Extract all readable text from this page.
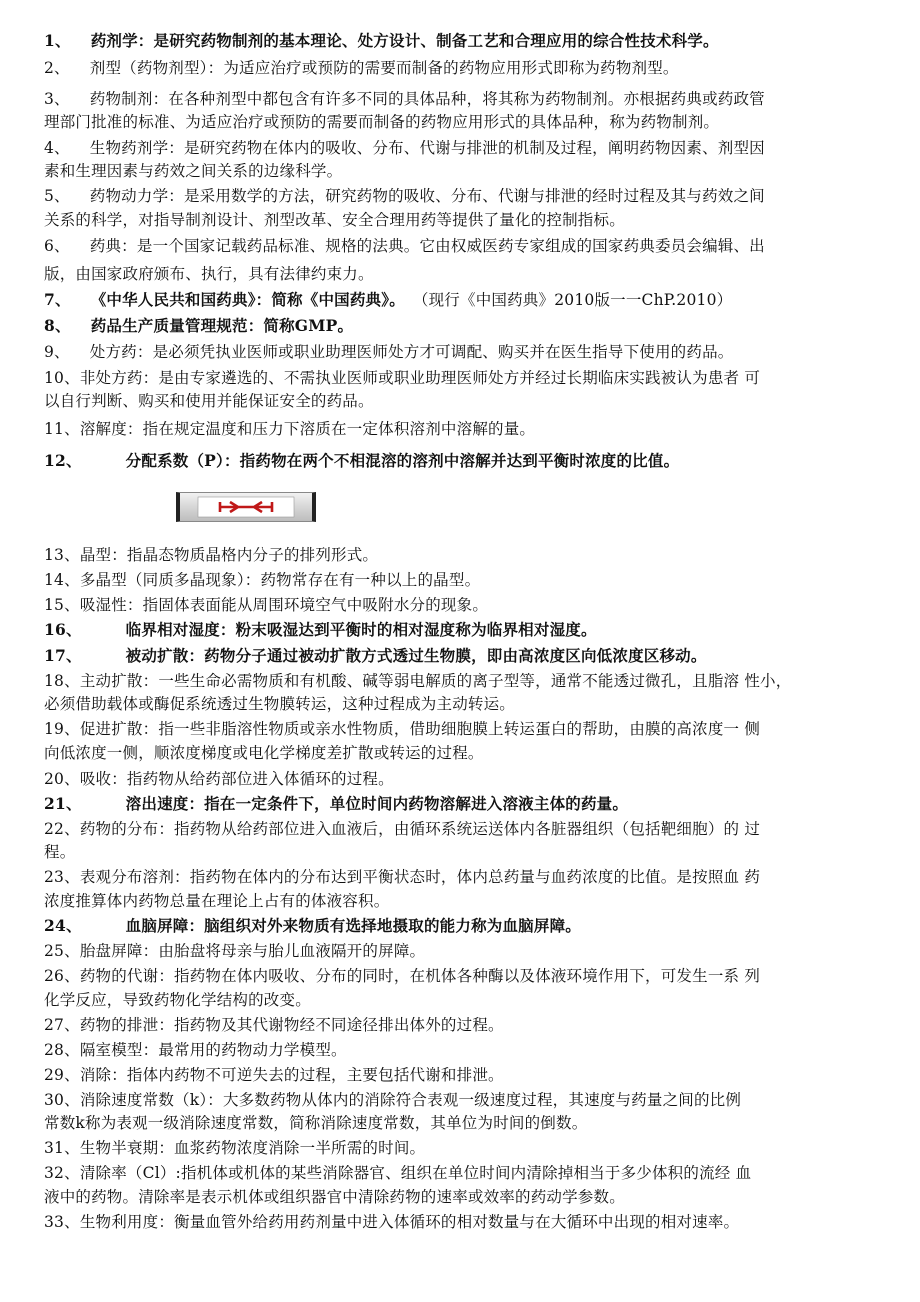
1、 药剂学：是研究药物制剂的基本理论、处方设计、制备工艺和合理应用的综合性技术科学。
2、 剂型（药物剂型）：为适应治疗或预防的需要而制备的药物应用形式即称为药物剂型。
3、 药物制剂：在各种剂型中都包含有许多不同的具体品种，将其称为药物制剂。亦根据药典或药政管
理部门批准的标准、为适应治疗或预防的需要而制备的药物应用形式的具体品种，称为药物制剂。
4、 生物药剂学：是研究药物在体内的吸收、分布、代谢与排泄的机制及过程，阐明药物因素、剂型因
素和生理因素与药效之间关系的边缘科学。
5、 药物动力学：是采用数学的方法，研究药物的吸收、分布、代谢与排泄的经时过程及其与药效之间
关系的科学，对指导制剂设计、剂型改革、安全合理用药等提供了量化的控制指标。
6、 药典：是一个国家记载药品标准、规格的法典。它由权威医药专家组成的国家药典委员会编辑、出
版，由国家政府颁布、执行，具有法律约束力。
7、 《中华人民共和国药典》：简称《中国药典》。 （现行《中国药典》2010版一一ChP.2010）
8、 药品生产质量管理规范：简称GMP。
9、 处方药：是必须凭执业医师或职业助理医师处方才可调配、购买并在医生指导下使用的药品。
10、非处方药：是由专家遴选的、不需执业医师或职业助理医师处方并经过长期临床实践被认为患者 可
以自行判断、购买和使用并能保证安全的药品。
11、溶解度：指在规定温度和压力下溶质在一定体积溶剂中溶解的量。
12、	分配系数（P）：指药物在两个不相混溶的溶剂中溶解并达到平衡时浓度的比值。
13、晶型：指晶态物质晶格内分子的排列形式。
14、多晶型（同质多晶现象）：药物常存在有一种以上的晶型。
15、吸湿性：指固体表面能从周围环境空气中吸附水分的现象。
16、	临界相对湿度：粉末吸湿达到平衡时的相对湿度称为临界相对湿度。
17、	被动扩散：药物分子通过被动扩散方式透过生物膜，即由高浓度区向低浓度区移动。
18、主动扩散：一些生命必需物质和有机酸、碱等弱电解质的离子型等，通常不能透过微孔，且脂溶 性小，
必须借助载体或酶促系统透过生物膜转运，这种过程成为主动转运。
19、促进扩散：指一些非脂溶性物质或亲水性物质，借助细胞膜上转运蛋白的帮助，由膜的高浓度一 侧
向低浓度一侧，顺浓度梯度或电化学梯度差扩散或转运的过程。
20、吸收：指药物从给药部位进入体循环的过程。
21、	溶出速度：指在一定条件下，单位时间内药物溶解进入溶液主体的药量。
22、药物的分布：指药物从给药部位进入血液后，由循环系统运送体内各脏器组织（包括靶细胞）的 过
程。
23、表观分布溶剂：指药物在体内的分布达到平衡状态时，体内总药量与血药浓度的比值。是按照血 药
浓度推算体内药物总量在理论上占有的体液容积。
24、	血脑屏障：脑组织对外来物质有选择地摄取的能力称为血脑屏障。
25、胎盘屏障：由胎盘将母亲与胎儿血液隔开的屏障。
26、药物的代谢：指药物在体内吸收、分布的同时，在机体各种酶以及体液环境作用下，可发生一系 列
化学反应，导致药物化学结构的改变。
27、药物的排泄：指药物及其代谢物经不同途径排出体外的过程。
28、隔室模型：最常用的药物动力学模型。
29、消除：指体内药物不可逆失去的过程，主要包括代谢和排泄。
30、消除速度常数（k）：大多数药物从体内的消除符合表观一级速度过程，其速度与药量之间的比例
常数k称为表观一级消除速度常数，简称消除速度常数，其单位为时间的倒数。
31、生物半衰期：血浆药物浓度消除一半所需的时间。
32、清除率（Cl）:指机体或机体的某些消除器官、组织在单位时间内清除掉相当于多少体积的流经 血
液中的药物。清除率是表示机体或组织器官中清除药物的速率或效率的药动学参数。
33、生物利用度：衡量血管外给药用药剂量中进入体循环的相对数量与在大循环中出现的相对速率。
